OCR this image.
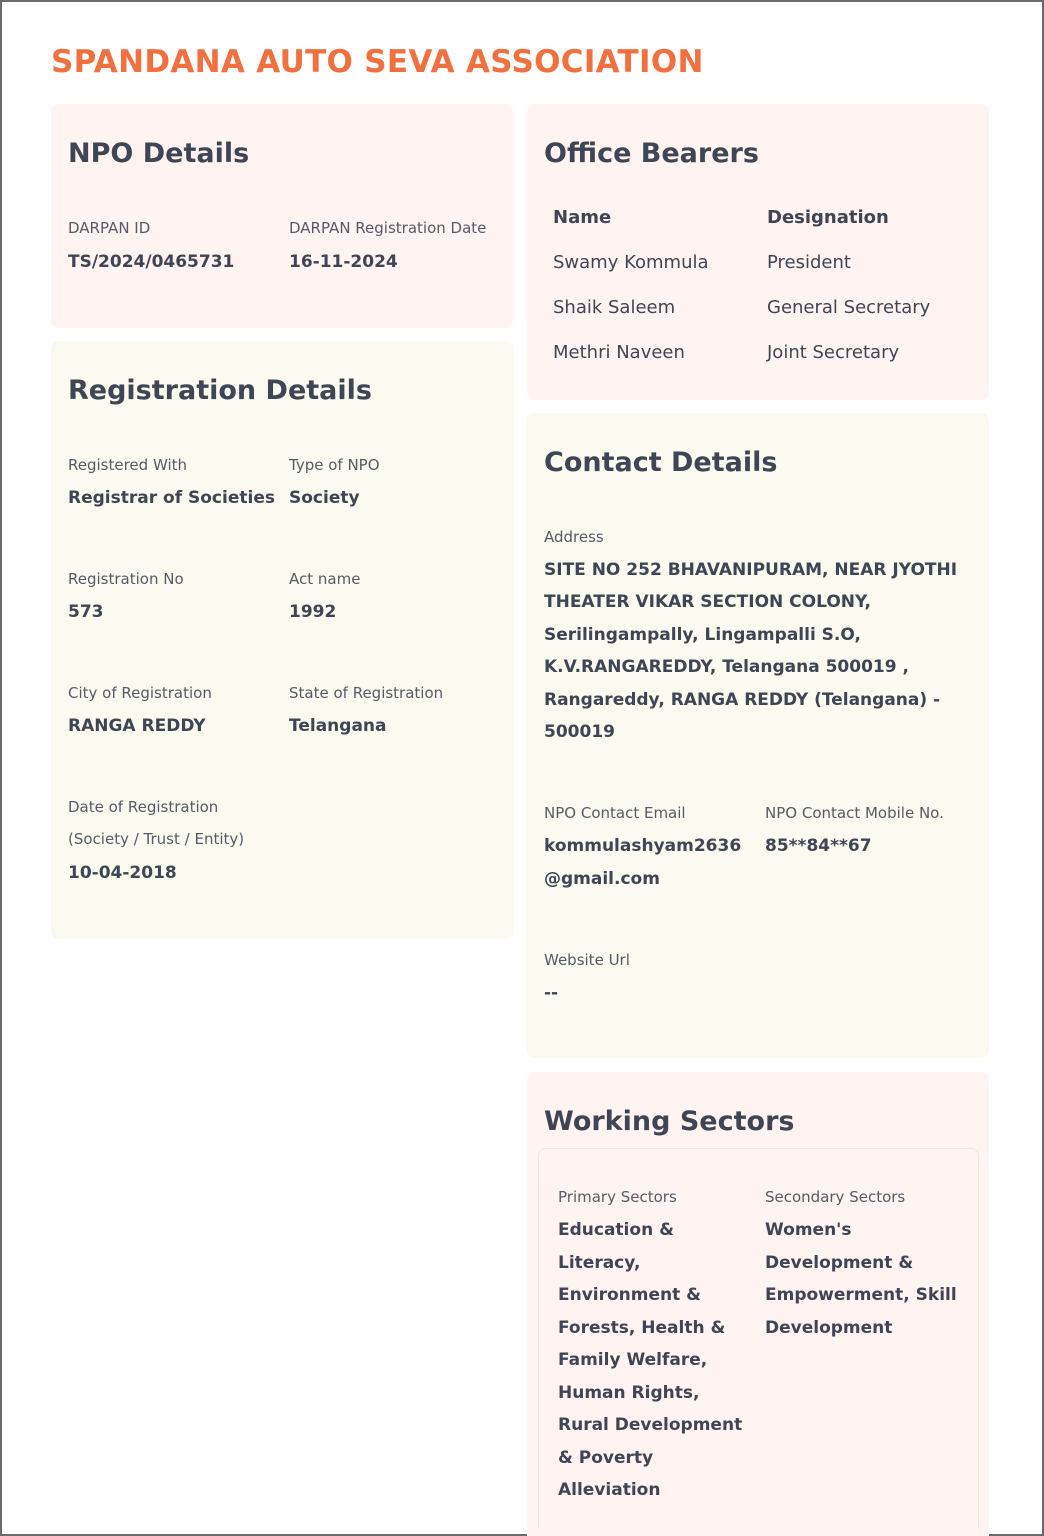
SPANDANA AUTO SEVA ASSOCIATION
NPO Details
DARPAN ID
TS/2024/0465731
DARPAN Registration Date
16-11-2024
Office Bearers
Name	Designation
Swamy Kommula	President
Shaik Saleem	General Secretary
Methri Naveen	Joint Secretary
Registration Details
Registered With
Registrar of Societies
Type of NPO
Society
Registration No
573
Act name
1992
City of Registration
RANGA REDDY
State of Registration
Telangana
Date of Registration
(Society / Trust / Entity)
10-04-2018
Contact Details
Address
SITE NO 252 BHAVANIPURAM, NEAR JYOTHI
THEATER VIKAR SECTION COLONY,
Serilingampally, Lingampalli S.O,
K.V.RANGAREDDY, Telangana 500019 ,
Rangareddy, RANGA REDDY (Telangana) -
500019
NPO Contact Email
kommulashyam2636
@gmail.com
NPO Contact Mobile No.
85**84**67
Website Url
--
Working Sectors
Primary Sectors
Education &
Literacy,
Environment &
Forests, Health &
Family Welfare,
Human Rights,
Rural Development
& Poverty
Alleviation
Secondary Sectors
Women's
Development &
Empowerment, Skill
Development
